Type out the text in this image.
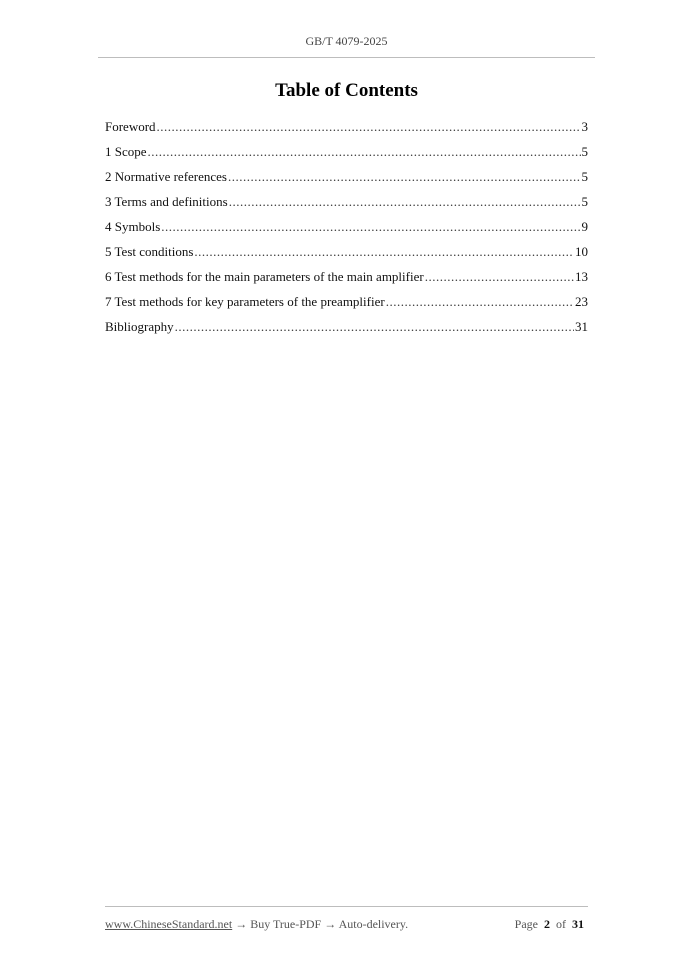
GB/T 4079-2025
Table of Contents
Foreword .....	3
1 Scope .....	5
2 Normative references .....	5
3 Terms and definitions .....	5
4 Symbols .....	9
5 Test conditions .....	10
6 Test methods for the main parameters of the main amplifier .....	13
7 Test methods for key parameters of the preamplifier .....	23
Bibliography .....	31
www.ChineseStandard.net → Buy True-PDF → Auto-delivery.	Page 2 of 31
